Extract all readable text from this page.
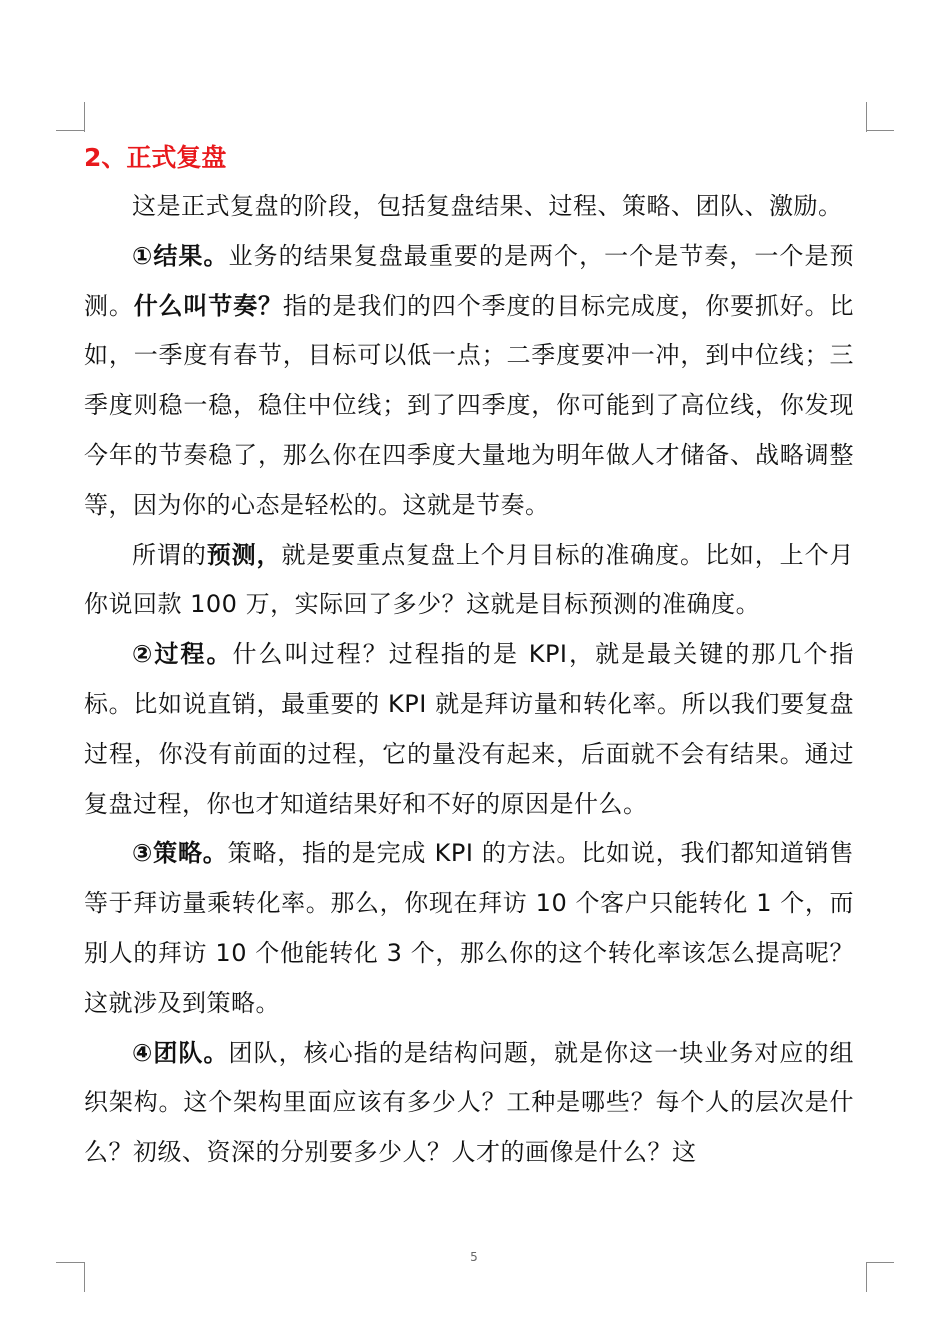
2、正式复盘

这是正式复盘的阶段，包括复盘结果、过程、策略、团队、激励。

①结果。业务的结果复盘最重要的是两个，一个是节奏，一个是预测。什么叫节奏？指的是我们的四个季度的目标完成度，你要抓好。比如，一季度有春节，目标可以低一点；二季度要冲一冲，到中位线；三季度则稳一稳，稳住中位线；到了四季度，你可能到了高位线，你发现今年的节奏稳了，那么你在四季度大量地为明年做人才储备、战略调整等，因为你的心态是轻松的。这就是节奏。

所谓的预测，就是要重点复盘上个月目标的准确度。比如，上个月你说回款 100 万，实际回了多少？这就是目标预测的准确度。

②过程。什么叫过程？过程指的是 KPI，就是最关键的那几个指标。比如说直销，最重要的 KPI 就是拜访量和转化率。所以我们要复盘过程，你没有前面的过程，它的量没有起来，后面就不会有结果。通过复盘过程，你也才知道结果好和不好的原因是什么。

③策略。策略，指的是完成 KPI 的方法。比如说，我们都知道销售等于拜访量乘转化率。那么，你现在拜访 10 个客户只能转化 1 个，而别人的拜访 10 个他能转化 3 个，那么你的这个转化率该怎么提高呢？这就涉及到策略。

④团队。团队，核心指的是结构问题，就是你这一块业务对应的组织架构。这个架构里面应该有多少人？工种是哪些？每个人的层次是什么？初级、资深的分别要多少人？人才的画像是什么？这

5
